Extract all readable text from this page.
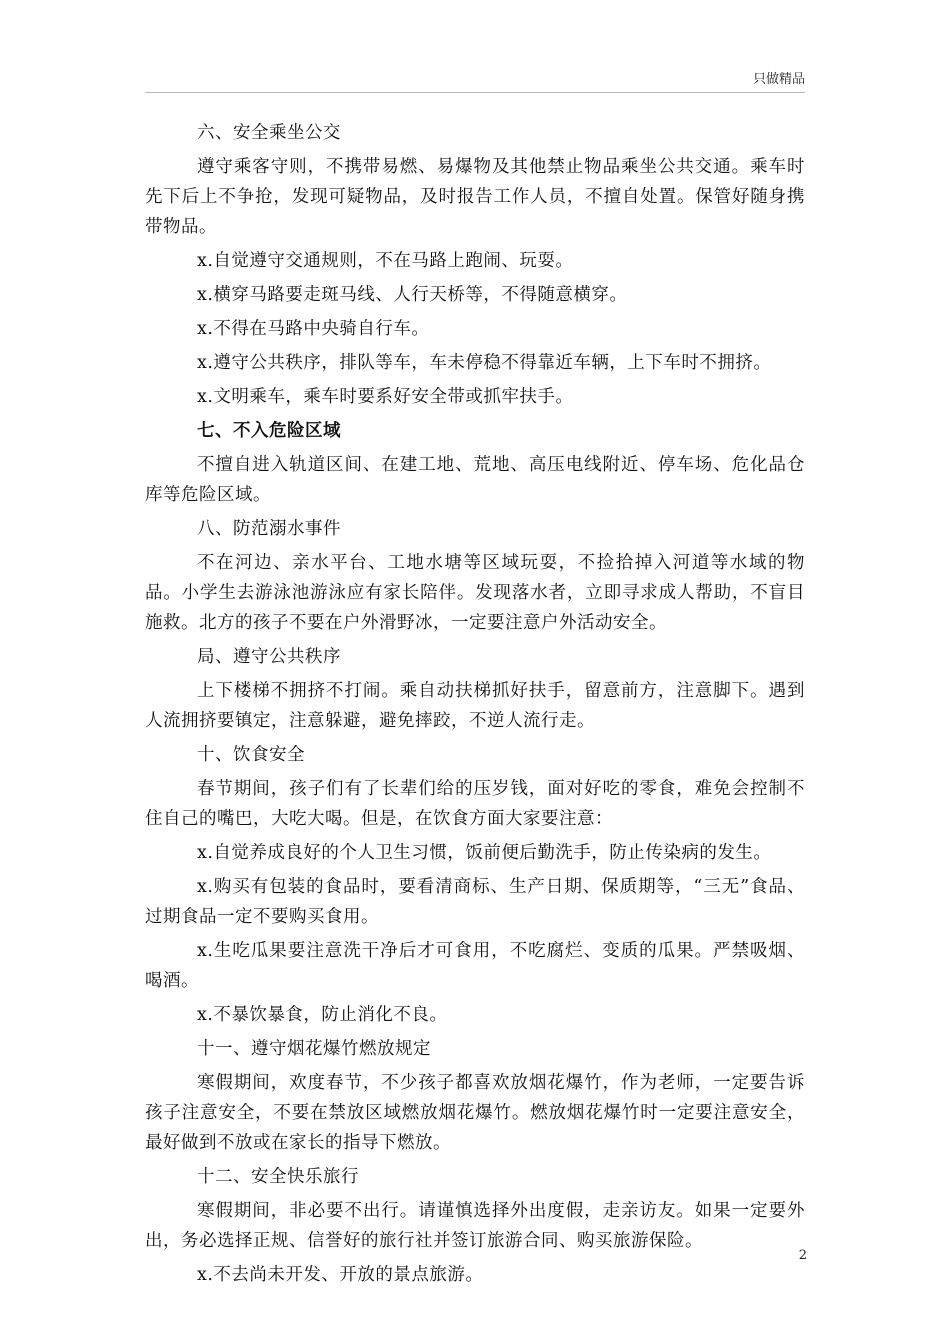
只做精品

六、安全乘坐公交

遵守乘客守则，不携带易燃、易爆物及其他禁止物品乘坐公共交通。乘车时先下后上不争抢，发现可疑物品，及时报告工作人员，不擅自处置。保管好随身携带物品。

x.自觉遵守交通规则，不在马路上跑闹、玩耍。

x.横穿马路要走斑马线、人行天桥等，不得随意横穿。

x.不得在马路中央骑自行车。

x.遵守公共秩序，排队等车，车未停稳不得靠近车辆，上下车时不拥挤。

x.文明乘车，乘车时要系好安全带或抓牢扶手。

七、不入危险区域

不擅自进入轨道区间、在建工地、荒地、高压电线附近、停车场、危化品仓库等危险区域。

八、防范溺水事件

不在河边、亲水平台、工地水塘等区域玩耍，不捡拾掉入河道等水域的物品。小学生去游泳池游泳应有家长陪伴。发现落水者，立即寻求成人帮助，不盲目施救。北方的孩子不要在户外滑野冰，一定要注意户外活动安全。

局、遵守公共秩序

上下楼梯不拥挤不打闹。乘自动扶梯抓好扶手，留意前方，注意脚下。遇到人流拥挤要镇定，注意躲避，避免摔跤，不逆人流行走。

十、饮食安全

春节期间，孩子们有了长辈们给的压岁钱，面对好吃的零食，难免会控制不住自己的嘴巴，大吃大喝。但是，在饮食方面大家要注意：

x.自觉养成良好的个人卫生习惯，饭前便后勤洗手，防止传染病的发生。

x.购买有包装的食品时，要看清商标、生产日期、保质期等，“三无”食品、过期食品一定不要购买食用。

x.生吃瓜果要注意洗干净后才可食用，不吃腐烂、变质的瓜果。严禁吸烟、喝酒。

x.不暴饮暴食，防止消化不良。

十一、遵守烟花爆竹燃放规定

寒假期间，欢度春节，不少孩子都喜欢放烟花爆竹，作为老师，一定要告诉孩子注意安全，不要在禁放区域燃放烟花爆竹。燃放烟花爆竹时一定要注意安全，最好做到不放或在家长的指导下燃放。

十二、安全快乐旅行

寒假期间，非必要不出行。请谨慎选择外出度假，走亲访友。如果一定要外出，务必选择正规、信誉好的旅行社并签订旅游合同、购买旅游保险。

x.不去尚未开发、开放的景点旅游。

2
